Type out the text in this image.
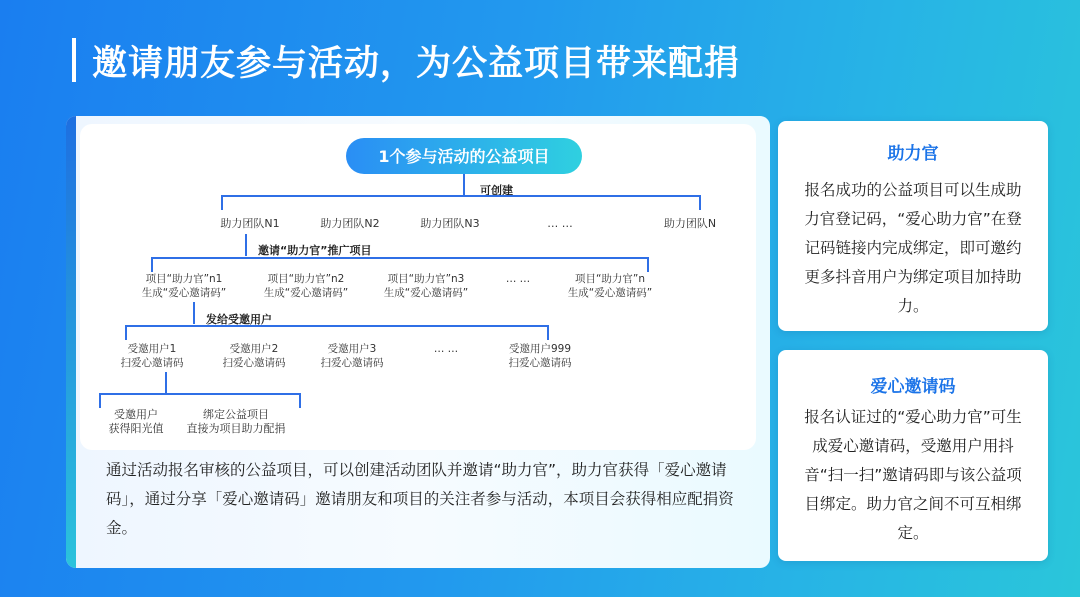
邀请朋友参与活动，为公益项目带来配捐
1个参与活动的公益项目
可创建
助力团队N1	助力团队N2	助力团队N3	… …	助力团队N
邀请“助力官”推广项目
项目“助力官”n1
生成“爱心邀请码”
项目“助力官”n2
生成“爱心邀请码”
项目“助力官”n3
生成“爱心邀请码”
… …	项目“助力官”n
生成“爱心邀请码”
发给受邀用户
受邀用户1
扫爱心邀请码
受邀用户2
扫爱心邀请码
受邀用户3
扫爱心邀请码
… …	受邀用户999
扫爱心邀请码
受邀用户
获得阳光值
绑定公益项目
直接为项目助力配捐
通过活动报名审核的公益项目，可以创建活动团队并邀请“助力官”，助力官获得「爱心邀请码」，通过分享「爱心邀请码」邀请朋友和项目的关注者参与活动，本项目会获得相应配捐资金。
助力官
报名成功的公益项目可以生成助力官登记码，“爱心助力官”在登记码链接内完成绑定，即可邀约更多抖音用户为绑定项目加持助力。
爱心邀请码
报名认证过的“爱心助力官”可生成爱心邀请码，受邀用户用抖音“扫一扫”邀请码即与该公益项目绑定。助力官之间不可互相绑定。
